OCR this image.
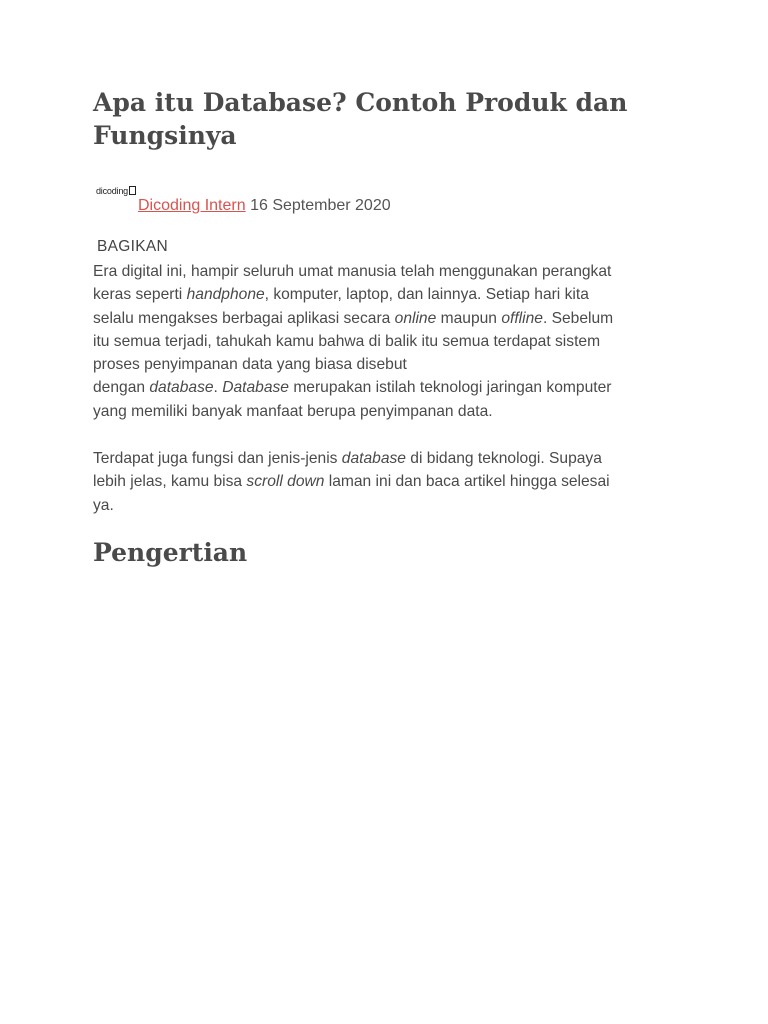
Apa itu Database? Contoh Produk dan Fungsinya
dicoding
Dicoding Intern 16 September 2020
BAGIKAN

Era digital ini, hampir seluruh umat manusia telah menggunakan perangkat
keras seperti handphone, komputer, laptop, dan lainnya. Setiap hari kita
selalu mengakses berbagai aplikasi secara online maupun offline. Sebelum
itu semua terjadi, tahukah kamu bahwa di balik itu semua terdapat sistem
proses penyimpanan data yang biasa disebut
dengan database. Database merupakan istilah teknologi jaringan komputer
yang memiliki banyak manfaat berupa penyimpanan data.

Terdapat juga fungsi dan jenis-jenis database di bidang teknologi. Supaya
lebih jelas, kamu bisa scroll down laman ini dan baca artikel hingga selesai
ya.

Pengertian
